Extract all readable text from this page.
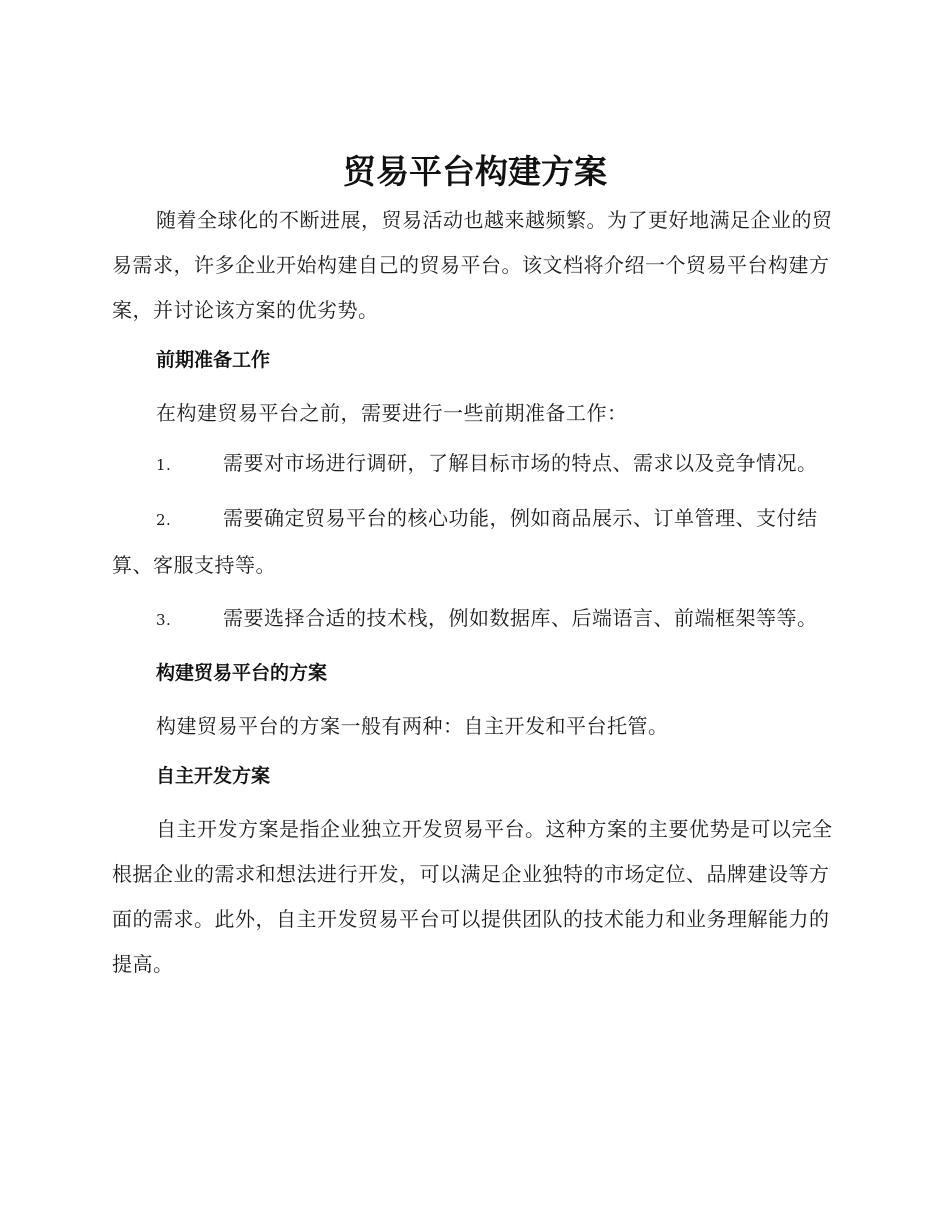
贸易平台构建方案

随着全球化的不断进展，贸易活动也越来越频繁。为了更好地满足企业的贸易需求，许多企业开始构建自己的贸易平台。该文档将介绍一个贸易平台构建方案，并讨论该方案的优劣势。

前期准备工作

在构建贸易平台之前，需要进行一些前期准备工作：

1.	需要对市场进行调研，了解目标市场的特点、需求以及竞争情况。

2.	需要确定贸易平台的核心功能，例如商品展示、订单管理、支付结算、客服支持等。

3.	需要选择合适的技术栈，例如数据库、后端语言、前端框架等等。

构建贸易平台的方案

构建贸易平台的方案一般有两种：自主开发和平台托管。

自主开发方案

自主开发方案是指企业独立开发贸易平台。这种方案的主要优势是可以完全根据企业的需求和想法进行开发，可以满足企业独特的市场定位、品牌建设等方面的需求。此外，自主开发贸易平台可以提供团队的技术能力和业务理解能力的提高。
